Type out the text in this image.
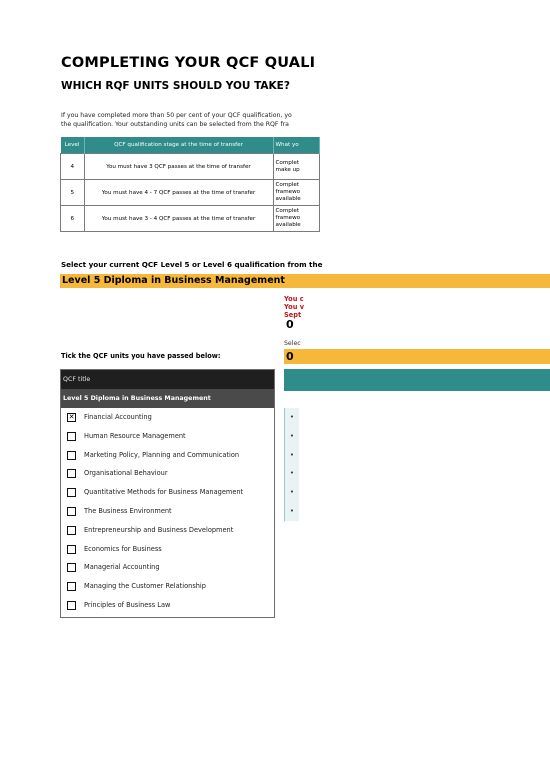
COMPLETING YOUR QCF QUALI
WHICH RQF UNITS SHOULD YOU TAKE?
If you have completed more than 50 per cent of your QCF qualification, yo
the qualification. Your outstanding units can be selected from the RQF fra
Level	QCF qualification stage at the time of transfer	What yo
4	You must have 3 QCF passes at the time of transfer	Complet
make up

5	You must have 4 - 7 QCF passes at the time of transfer	Complet
framewo
available

6	You must have 3 - 4 QCF passes at the time of transfer	Complet
framewo
available
Select your current QCF Level 5 or Level 6 qualification from the
Level 5 Diploma in Business Management
You c
You v
Sept
0
Selec
0
Tick the QCF units you have passed below:
QCF title
Level 5 Diploma in Business Management
✕ Financial Accounting
Human Resource Management
Marketing Policy, Planning and Communication
Organisational Behaviour
Quantitative Methods for Business Management
The Business Environment
Entrepreneurship and Business Development
Economics for Business
Managerial Accounting
Managing the Customer Relationship
Principles of Business Law
•
•
•
•
•
•
